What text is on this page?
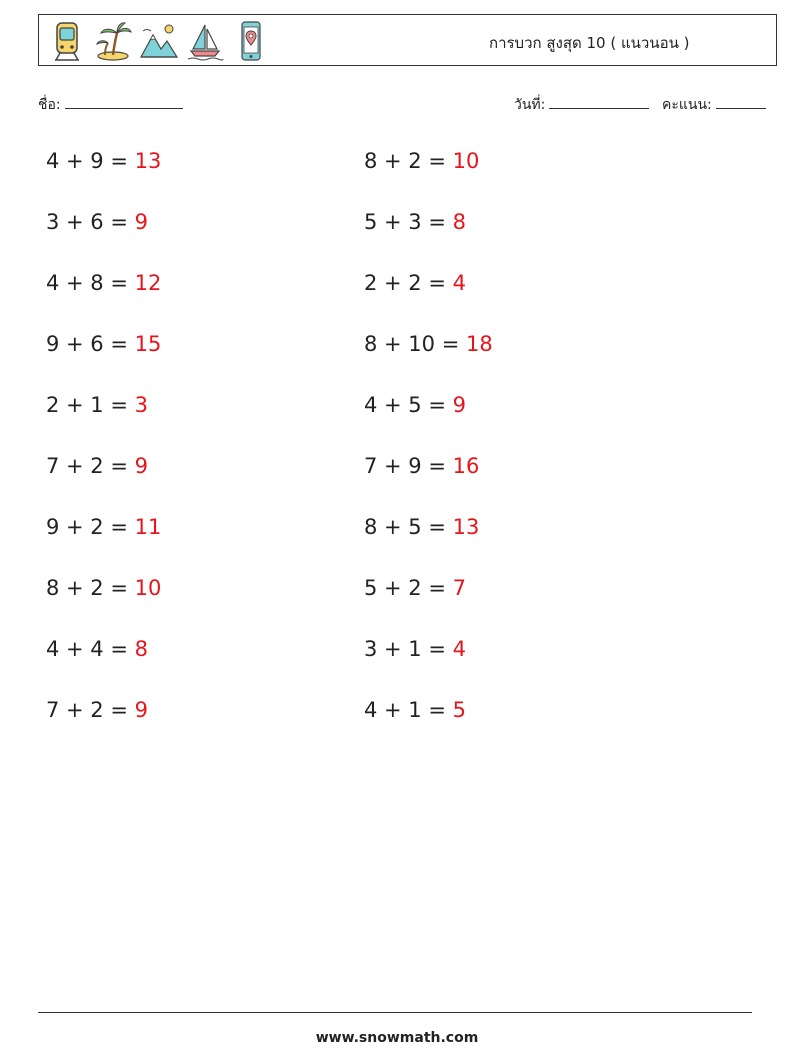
การบวก สูงสุด 10 ( แนวนอน )
ชื่อ:	วันที่:	คะแนน:
4 + 9 = 13
3 + 6 = 9
4 + 8 = 12
9 + 6 = 15
2 + 1 = 3
7 + 2 = 9
9 + 2 = 11
8 + 2 = 10
4 + 4 = 8
7 + 2 = 9
8 + 2 = 10
5 + 3 = 8
2 + 2 = 4
8 + 10 = 18
4 + 5 = 9
7 + 9 = 16
8 + 5 = 13
5 + 2 = 7
3 + 1 = 4
4 + 1 = 5
www.snowmath.com
